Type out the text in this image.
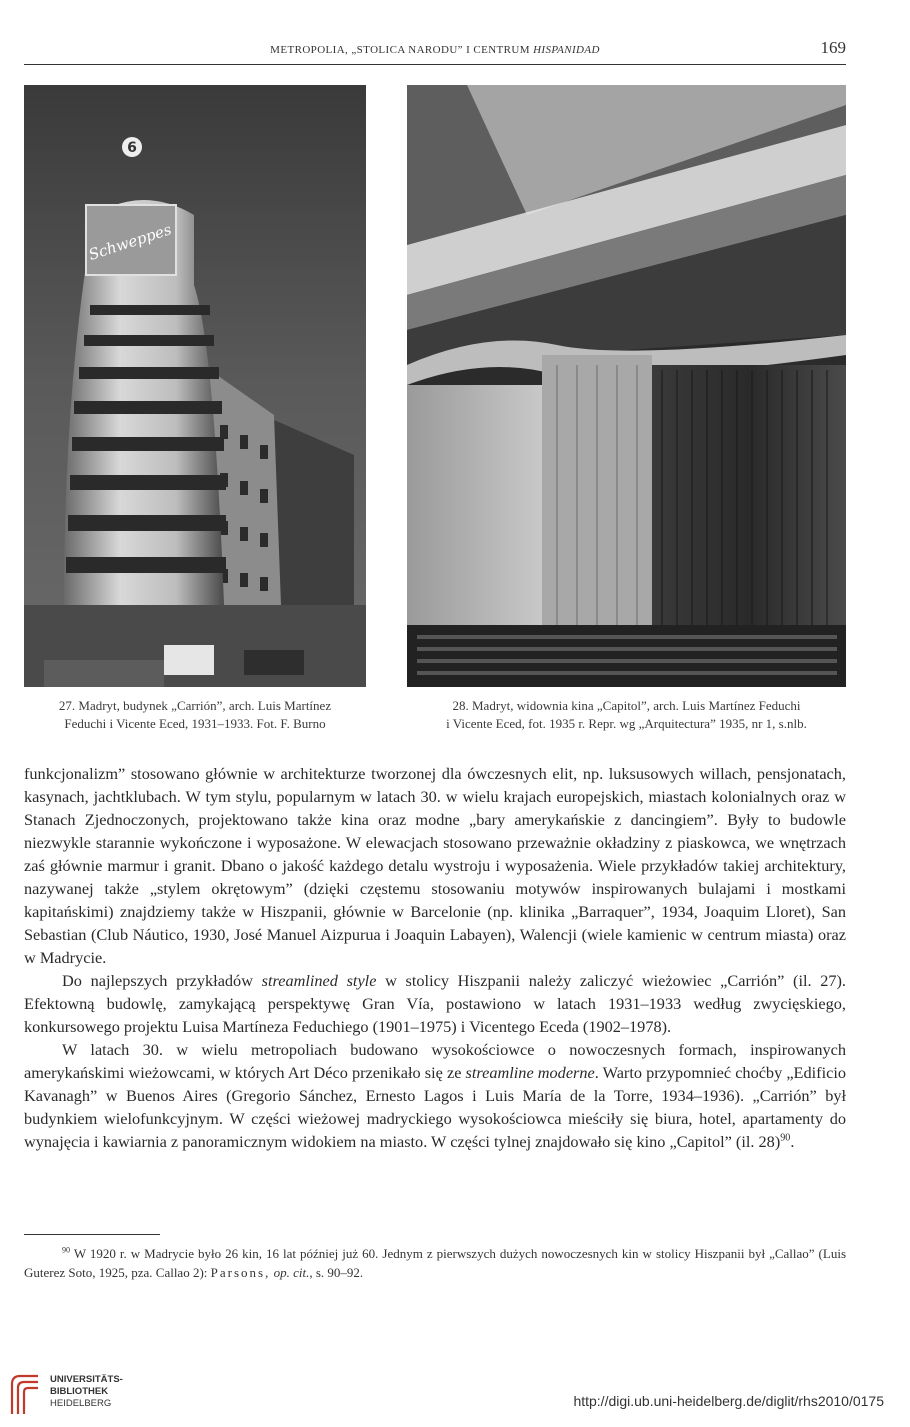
METROPOLIA, „STOLICA NARODU” I CENTRUM HISPANIDAD	169
Schweppes
6
27. Madryt, budynek „Carrión”, arch. Luis Martínez
Feduchi i Vicente Eced, 1931–1933. Fot. F. Burno
28. Madryt, widownia kina „Capitol”, arch. Luis Martínez Feduchi
i Vicente Eced, fot. 1935 r. Repr. wg „Arquitectura” 1935, nr 1, s.nlb.

funkcjonalizm” stosowano głównie w architekturze tworzonej dla ówczesnych elit, np. luksusowych willach, pensjonatach, kasynach, jachtklubach. W tym stylu, popularnym w latach 30. w wielu krajach europejskich, miastach kolonialnych oraz w Stanach Zjednoczonych, projektowano także kina oraz modne „bary amerykańskie z dancingiem”. Były to budowle niezwykle starannie wykończone i wyposażone. W elewacjach stosowano przeważnie okładziny z piaskowca, we wnętrzach zaś głównie marmur i granit. Dbano o jakość każdego detalu wystroju i wyposażenia. Wiele przykładów takiej architektury, nazywanej także „stylem okrętowym” (dzięki częstemu stosowaniu motywów inspirowanych bulajami i mostkami kapitańskimi) znajdziemy także w Hiszpanii, głównie w Barcelonie (np. klinika „Barraquer”, 1934, Joaquim Lloret), San Sebastian (Club Náutico, 1930, José Manuel Aizpurua i Joaquin Labayen), Walencji (wiele kamienic w centrum miasta) oraz w Madrycie.

Do najlepszych przykładów streamlined style w stolicy Hiszpanii należy zaliczyć wieżowiec „Carrión” (il. 27). Efektowną budowlę, zamykającą perspektywę Gran Vía, postawiono w latach 1931–1933 według zwycięskiego, konkursowego projektu Luisa Martíneza Feduchiego (1901–1975) i Vicentego Eceda (1902–1978).

W latach 30. w wielu metropoliach budowano wysokościowce o nowoczesnych formach, inspirowanych amerykańskimi wieżowcami, w których Art Déco przenikało się ze streamline moderne. Warto przypomnieć choćby „Edificio Kavanagh” w Buenos Aires (Gregorio Sánchez, Ernesto Lagos i Luis María de la Torre, 1934–1936). „Carrión” był budynkiem wielofunkcyjnym. W części wieżowej madryckiego wysokościowca mieściły się biura, hotel, apartamenty do wynajęcia i kawiarnia z panoramicznym widokiem na miasto. W części tylnej znajdowało się kino „Capitol” (il. 28)$^{90}$.

$^{90}$ W 1920 r. w Madrycie było 26 kin, 16 lat później już 60. Jednym z pierwszych dużych nowoczesnych kin w stolicy Hiszpanii był „Callao” (Luis Guterez Soto, 1925, pza. Callao 2): Parsons, op. cit., s. 90–92.
UNIVERSITÄTS-
BIBLIOTHEK
HEIDELBERG	http://digi.ub.uni-heidelberg.de/diglit/rhs2010/0175
